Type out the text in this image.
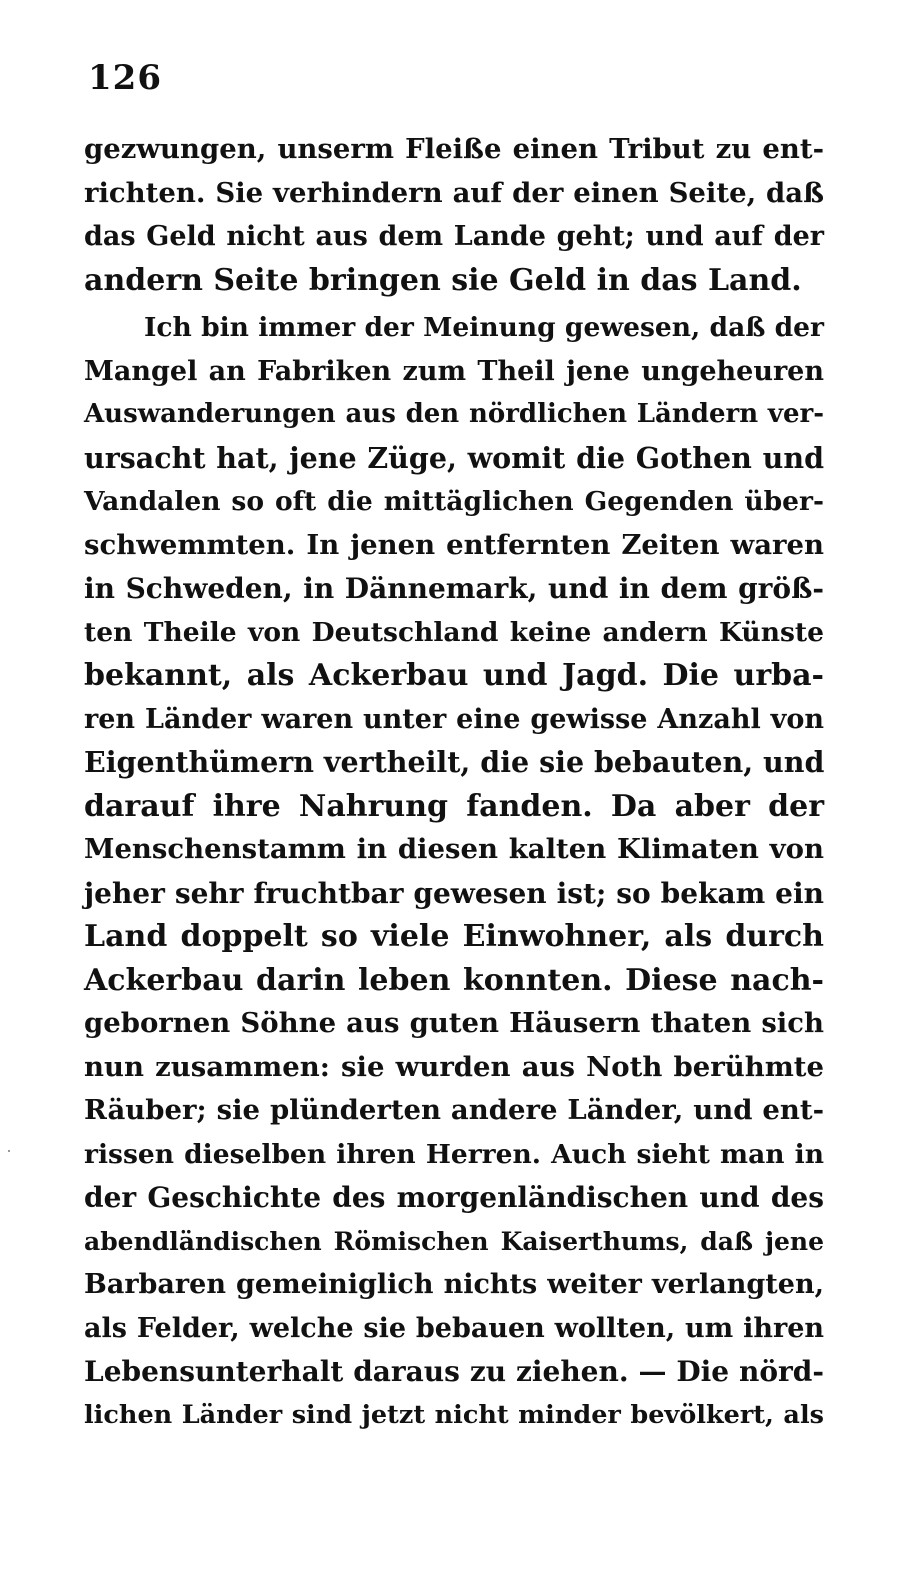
126
gezwungen, unserm Fleiße einen Tribut zu ent-
richten. Sie verhindern auf der einen Seite, daß
das Geld nicht aus dem Lande geht; und auf der
andern Seite bringen sie Geld in das Land.
Ich bin immer der Meinung gewesen, daß der
Mangel an Fabriken zum Theil jene ungeheuren
Auswanderungen aus den nördlichen Ländern ver-
ursacht hat, jene Züge, womit die Gothen und
Vandalen so oft die mittäglichen Gegenden über-
schwemmten. In jenen entfernten Zeiten waren
in Schweden, in Dännemark, und in dem größ-
ten Theile von Deutschland keine andern Künste
bekannt, als Ackerbau und Jagd. Die urba-
ren Länder waren unter eine gewisse Anzahl von
Eigenthümern vertheilt, die sie bebauten, und
darauf ihre Nahrung fanden. Da aber der
Menschenstamm in diesen kalten Klimaten von
jeher sehr fruchtbar gewesen ist; so bekam ein
Land doppelt so viele Einwohner, als durch
Ackerbau darin leben konnten. Diese nach-
gebornen Söhne aus guten Häusern thaten sich
nun zusammen: sie wurden aus Noth berühmte
Räuber; sie plünderten andere Länder, und ent-
rissen dieselben ihren Herren. Auch sieht man in
der Geschichte des morgenländischen und des
abendländischen Römischen Kaiserthums, daß jene
Barbaren gemeiniglich nichts weiter verlangten,
als Felder, welche sie bebauen wollten, um ihren
Lebensunterhalt daraus zu ziehen. — Die nörd-
lichen Länder sind jetzt nicht minder bevölkert, als
